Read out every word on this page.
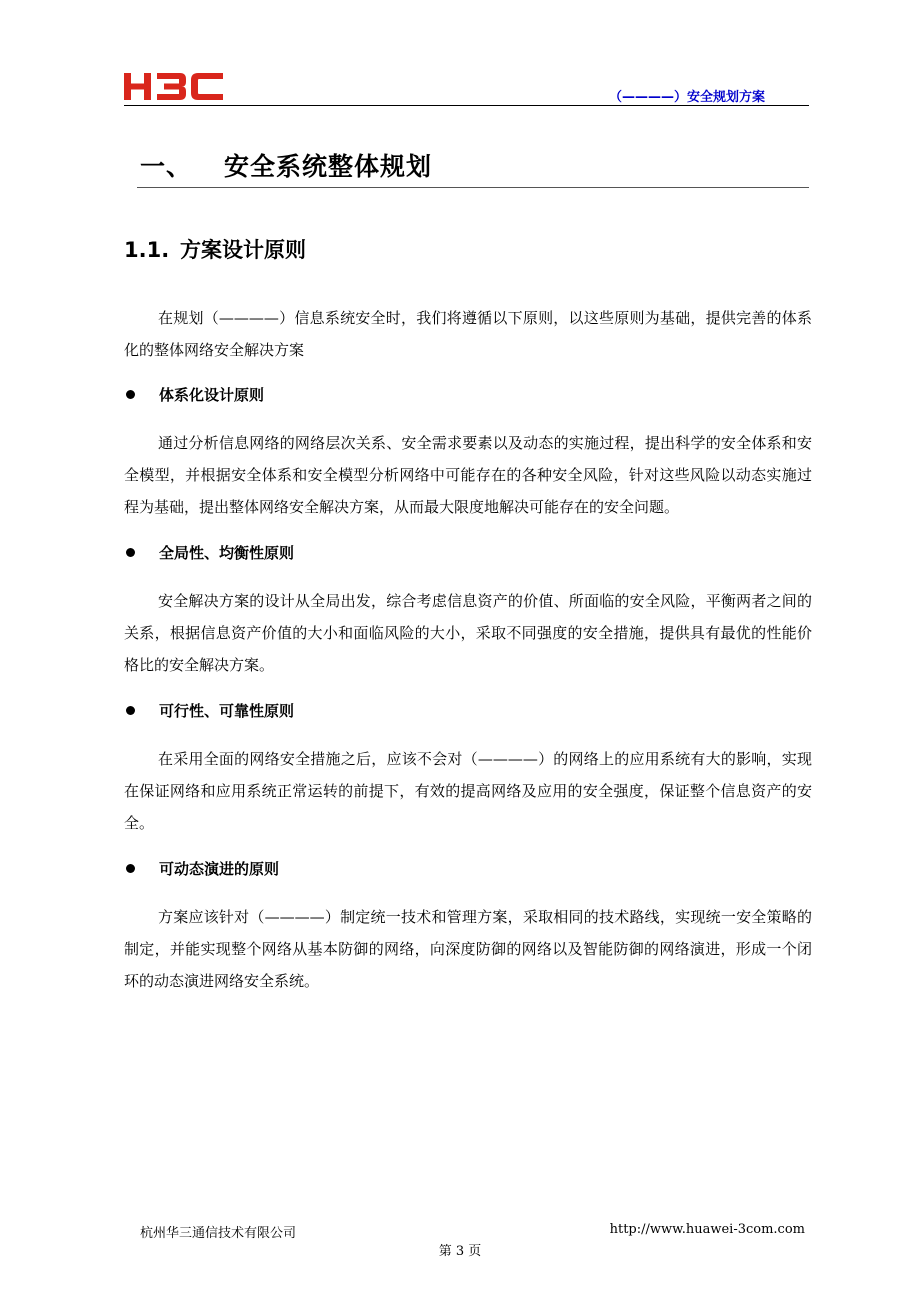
（————）安全规划方案
一、 安全系统整体规划
1.1. 方案设计原则

在规划（————）信息系统安全时，我们将遵循以下原则，以这些原则为基础，提供完善的体系化的整体网络安全解决方案

体系化设计原则

通过分析信息网络的网络层次关系、安全需求要素以及动态的实施过程，提出科学的安全体系和安全模型，并根据安全体系和安全模型分析网络中可能存在的各种安全风险，针对这些风险以动态实施过程为基础，提出整体网络安全解决方案，从而最大限度地解决可能存在的安全问题。

全局性、均衡性原则

安全解决方案的设计从全局出发，综合考虑信息资产的价值、所面临的安全风险，平衡两者之间的关系，根据信息资产价值的大小和面临风险的大小，采取不同强度的安全措施，提供具有最优的性能价格比的安全解决方案。

可行性、可靠性原则

在采用全面的网络安全措施之后，应该不会对（————）的网络上的应用系统有大的影响，实现在保证网络和应用系统正常运转的前提下，有效的提高网络及应用的安全强度，保证整个信息资产的安全。

可动态演进的原则

方案应该针对（————）制定统一技术和管理方案，采取相同的技术路线，实现统一安全策略的制定，并能实现整个网络从基本防御的网络，向深度防御的网络以及智能防御的网络演进，形成一个闭环的动态演进网络安全系统。

杭州华三通信技术有限公司	http://www.huawei-3com.com
第 3 页
